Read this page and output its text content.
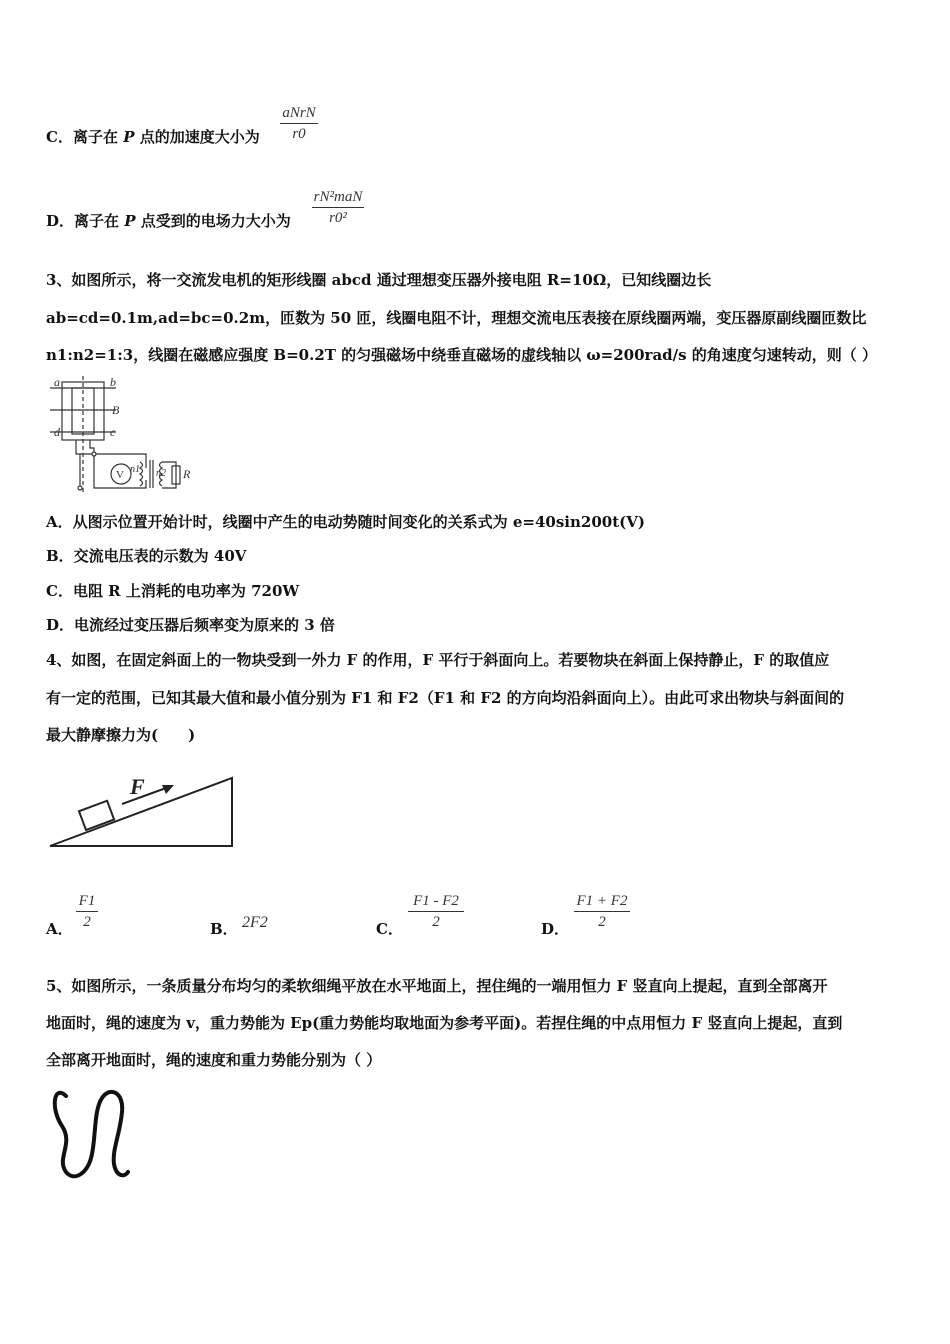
C．离子在 P 点的加速度大小为
aNrN
r0
D．离子在 P 点受到的电场力大小为
rN²maN
r0²
3、如图所示，将一交流发电机的矩形线圈 abcd 通过理想变压器外接电阻 R=10Ω，已知线圈边长
ab=cd=0.1m,ad=bc=0.2m，匝数为 50 匝，线圈电阻不计，理想交流电压表接在原线圈两端，变压器原副线圈匝数比
n1:n2=1:3，线圈在磁感应强度 B=0.2T 的匀强磁场中绕垂直磁场的虚线轴以 ω=200rad/s 的角速度匀速转动，则（ ）
a	b
B
c
d
V n1 n2 R
A．从图示位置开始计时，线圈中产生的电动势随时间变化的关系式为 e=40sin200t(V)
B．交流电压表的示数为 40V
C．电阻 R 上消耗的电功率为 720W
D．电流经过变压器后频率变为原来的 3 倍
4、如图，在固定斜面上的一物块受到一外力 F 的作用，F 平行于斜面向上。若要物块在斜面上保持静止，F 的取值应
有一定的范围，已知其最大值和最小值分别为 F1 和 F2（F1 和 F2 的方向均沿斜面向上）。由此可求出物块与斜面间的
最大静摩擦力为(　　)
F
A．
F1
2	B． 2F2	C．
F1 - F2
2	D．
F1 + F2
2
5、如图所示，一条质量分布均匀的柔软细绳平放在水平地面上，捏住绳的一端用恒力 F 竖直向上提起，直到全部离开
地面时，绳的速度为 v，重力势能为 Ep(重力势能均取地面为参考平面)。若捏住绳的中点用恒力 F 竖直向上提起，直到
全部离开地面时，绳的速度和重力势能分别为（ ）
